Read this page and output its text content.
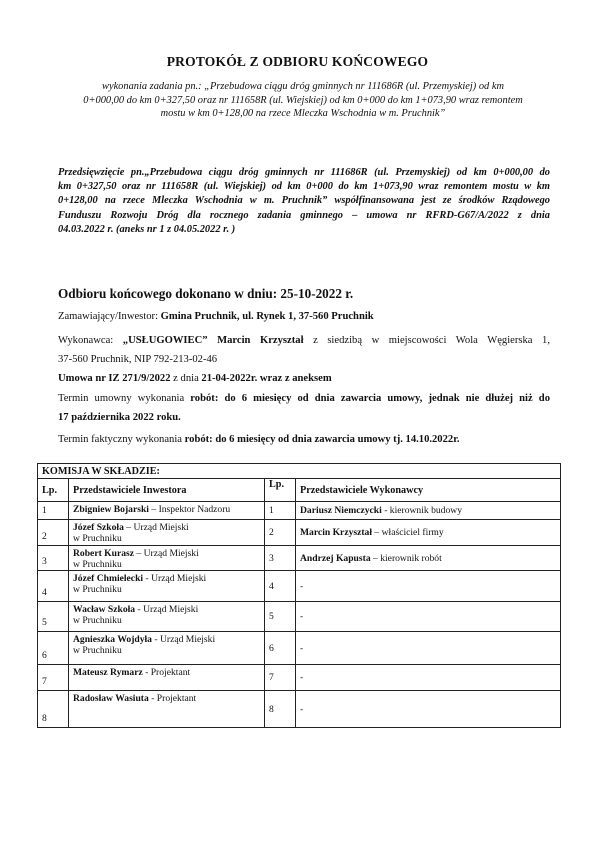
PROTOKÓŁ Z ODBIORU KOŃCOWEGO
wykonania zadania pn.: „Przebudowa ciągu dróg gminnych nr 111686R (ul. Przemyskiej) od km
0+000,00 do km 0+327,50 oraz nr 111658R (ul. Wiejskiej) od km 0+000 do km 1+073,90 wraz remontem
mostu w km 0+128,00 na rzece Mleczka Wschodnia w m. Pruchnik”
Przedsięwzięcie pn.„Przebudowa ciągu dróg gminnych nr 111686R (ul. Przemyskiej) od km 0+000,00 do
km 0+327,50 oraz nr 111658R (ul. Wiejskiej) od km 0+000 do km 1+073,90 wraz remontem mostu w km
0+128,00 na rzece Mleczka Wschodnia w m. Pruchnik” współfinansowana jest ze środków Rządowego
Funduszu Rozwoju Dróg dla rocznego zadania gminnego – umowa nr RFRD-G67/A/2022 z dnia
04.03.2022 r. (aneks nr 1 z 04.05.2022 r. )
Odbioru końcowego dokonano w dniu: 25-10-2022 r.
Zamawiający/Inwestor: Gmina Pruchnik, ul. Rynek 1, 37-560 Pruchnik
Wykonawca: „USŁUGOWIEC” Marcin Krzyształ z siedzibą w miejscowości Wola Węgierska 1,
37-560 Pruchnik, NIP 792-213-02-46
Umowa nr IZ 271/9/2022 z dnia 21-04-2022r. wraz z aneksem
Termin umowny wykonania robót: do 6 miesięcy od dnia zawarcia umowy, jednak nie dłużej niż do
17 października 2022 roku.
Termin faktyczny wykonania robót: do 6 miesięcy od dnia zawarcia umowy tj. 14.10.2022r.
KOMISJA W SKŁADZIE:			
Lp.	Przedstawiciele Inwestora	Lp.	Przedstawiciele Wykonawcy
1	Zbigniew Bojarski – Inspektor Nadzoru	1	Dariusz Niemczycki - kierownik budowy
2	Józef Szkoła – Urząd Miejski
w Pruchniku	2	Marcin Krzyształ – właściciel firmy
3	Robert Kurasz – Urząd Miejski
w Pruchniku	3	Andrzej Kapusta – kierownik robót
4	Józef Chmielecki - Urząd Miejski
w Pruchniku	4	-
5	Wacław Szkoła - Urząd Miejski
w Pruchniku	5	-
6	Agnieszka Wojdyła - Urząd Miejski
w Pruchniku	6	-
7	Mateusz Rymarz - Projektant	7	-
8	Radosław Wasiuta - Projektant	8	-
